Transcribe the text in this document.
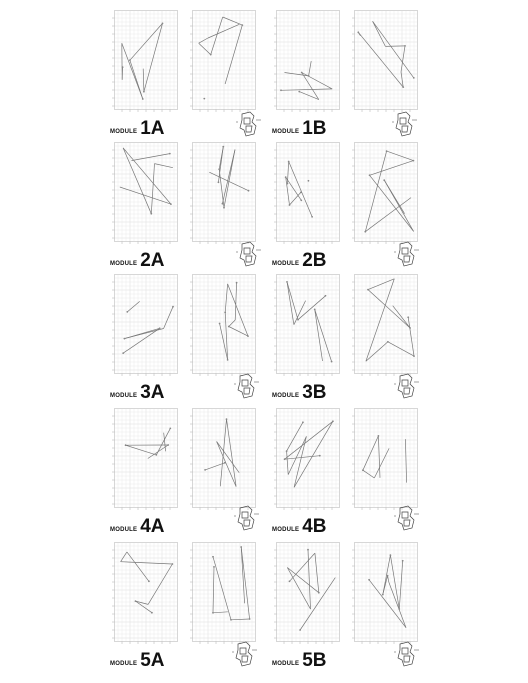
MODULE 1A	MODULE 1B
MODULE 2A	MODULE 2B
MODULE 3A	MODULE 3B
MODULE 4A	MODULE 4B
MODULE 5A	MODULE 5B
